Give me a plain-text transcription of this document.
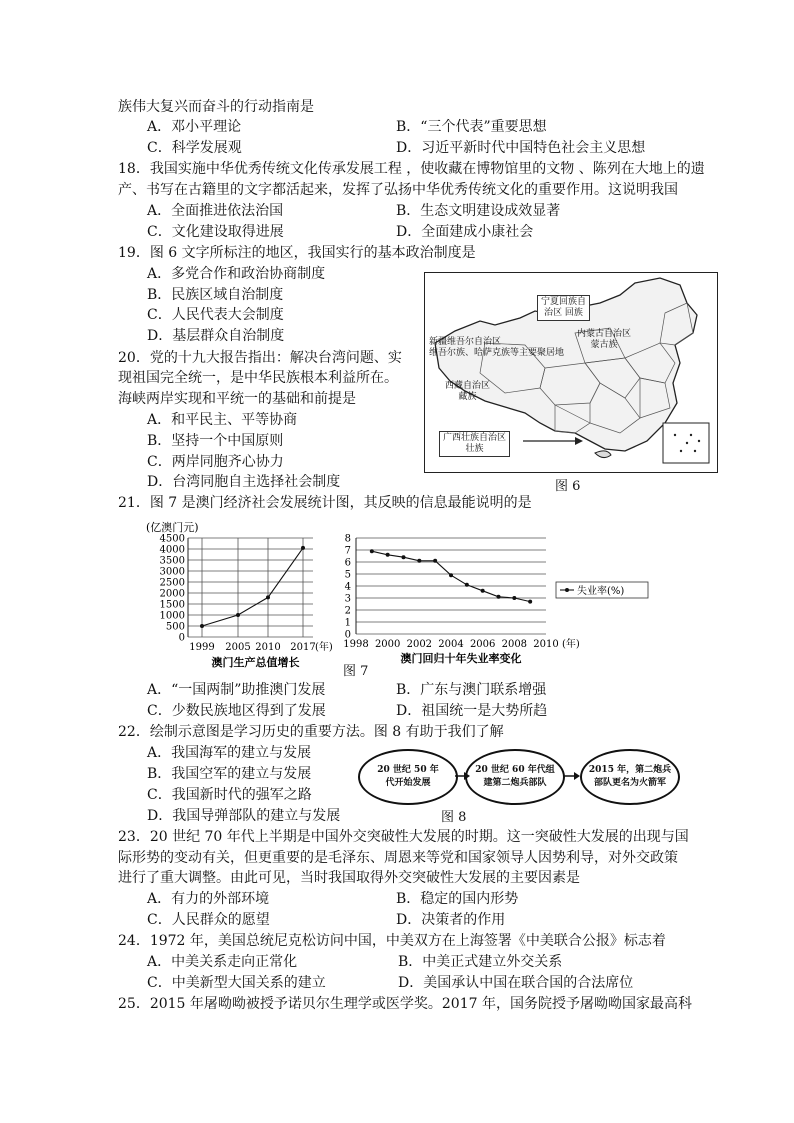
族伟大复兴而奋斗的行动指南是
A．邓小平理论	B．“三个代表”重要思想
C．科学发展观	D．习近平新时代中国特色社会主义思想
18．我国实施中华优秀传统文化传承发展工程 ，使收藏在博物馆里的文物 、陈列在大地上的遗
产、书写在古籍里的文字都活起来，发挥了弘扬中华优秀传统文化的重要作用。这说明我国
A．全面推进依法治国	B．生态文明建设成效显著
C．文化建设取得进展	D．全面建成小康社会
19．图 6 文字所标注的地区，我国实行的基本政治制度是
A．多党合作和政治协商制度
B．民族区域自治制度
C．人民代表大会制度
D．基层群众自治制度
宁夏回族自
治区 回族
内蒙古自治区
蒙古族
新疆维吾尔自治区
维吾尔族、哈萨克族等主要聚居地
西藏自治区
藏族
广西壮族自治区
壮族
图 6
20．党的十九大报告指出：解决台湾问题、实
现祖国完全统一，是中华民族根本利益所在。
海峡两岸实现和平统一的基础和前提是
A．和平民主、平等协商
B．坚持一个中国原则
C．两岸同胞齐心协力
D．台湾同胞自主选择社会制度
21．图 7 是澳门经济社会发展统计图，其反映的信息最能说明的是
(亿澳门元)
0
500
1000
1500
2000
2500
3000
3500
4000
4500
1999 2005 2010 2017 (年)
澳门生产总值增长
0
1
2
3
4
5
6
7
8
1998 2000 2002 2004 2006 2008 2010 (年)
失业率(%)
澳门回归十年失业率变化
图 7
A．“一国两制”助推澳门发展	B．广东与澳门联系增强
C．少数民族地区得到了发展	D．祖国统一是大势所趋
22．绘制示意图是学习历史的重要方法。图 8 有助于我们了解
A．我国海军的建立与发展
B．我国空军的建立与发展
C．我国新时代的强军之路
D．我国导弹部队的建立与发展
20 世纪 50 年
代开始发展
20 世纪 60 年代组
建第二炮兵部队
2015 年，第二炮兵
部队更名为火箭军
图 8
23．20 世纪 70 年代上半期是中国外交突破性大发展的时期。这一突破性大发展的出现与国
际形势的变动有关，但更重要的是毛泽东、周恩来等党和国家领导人因势利导，对外交政策
进行了重大调整。由此可见，当时我国取得外交突破性大发展的主要因素是
A．有力的外部环境	B．稳定的国内形势
C．人民群众的愿望	D．决策者的作用
24．1972 年，美国总统尼克松访问中国，中美双方在上海签署《中美联合公报》标志着
A．中美关系走向正常化	B．中美正式建立外交关系
C．中美新型大国关系的建立	D．美国承认中国在联合国的合法席位
25．2015 年屠呦呦被授予诺贝尔生理学或医学奖。2017 年，国务院授予屠呦呦国家最高科
